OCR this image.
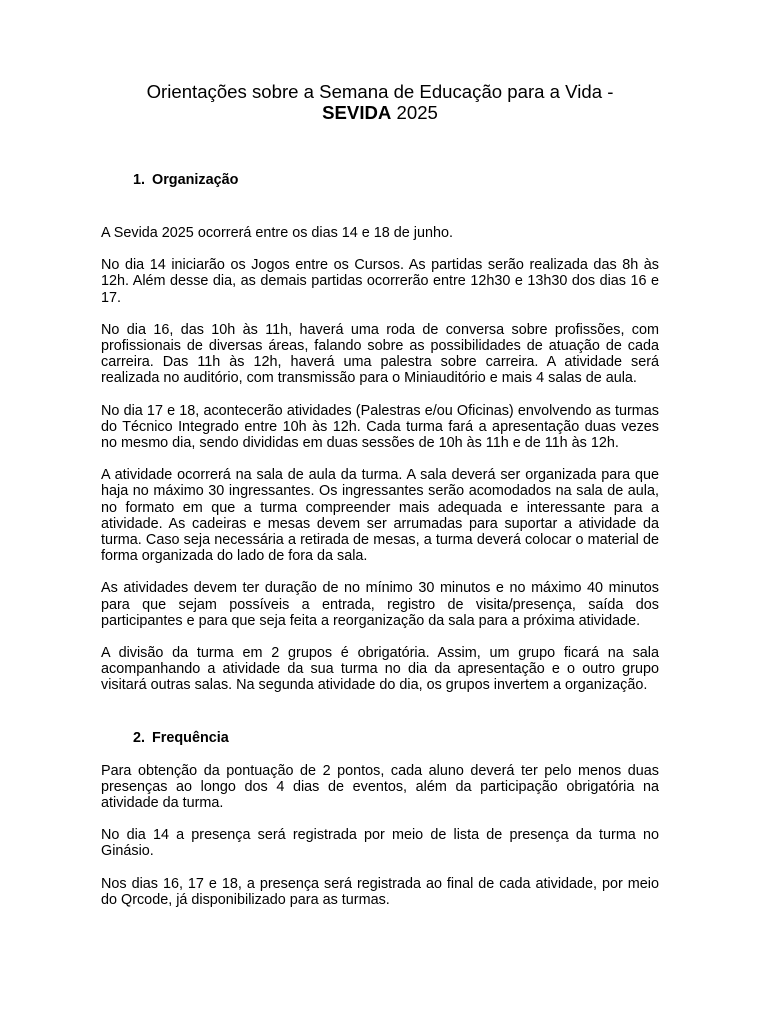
Orientações sobre a Semana de Educação para a Vida -
SEVIDA 2025
1. Organização

A Sevida 2025 ocorrerá entre os dias 14 e 18 de junho.

No dia 14 iniciarão os Jogos entre os Cursos. As partidas serão realizada das 8h às 12h. Além desse dia, as demais partidas ocorrerão entre 12h30 e 13h30 dos dias 16 e 17.

No dia 16, das 10h às 11h, haverá uma roda de conversa sobre profissões, com profissionais de diversas áreas, falando sobre as possibilidades de atuação de cada carreira. Das 11h às 12h, haverá uma palestra sobre carreira. A atividade será realizada no auditório, com transmissão para o Miniauditório e mais 4 salas de aula.

No dia 17 e 18, acontecerão atividades (Palestras e/ou Oficinas) envolvendo as turmas do Técnico Integrado entre 10h às 12h. Cada turma fará a apresentação duas vezes no mesmo dia, sendo divididas em duas sessões de 10h às 11h e de 11h às 12h.

A atividade ocorrerá na sala de aula da turma. A sala deverá ser organizada para que haja no máximo 30 ingressantes. Os ingressantes serão acomodados na sala de aula, no formato em que a turma compreender mais adequada e interessante para a atividade. As cadeiras e mesas devem ser arrumadas para suportar a atividade da turma. Caso seja necessária a retirada de mesas, a turma deverá colocar o material de forma organizada do lado de fora da sala.

As atividades devem ter duração de no mínimo 30 minutos e no máximo 40 minutos para que sejam possíveis a entrada, registro de visita/presença, saída dos participantes e para que seja feita a reorganização da sala para a próxima atividade.

A divisão da turma em 2 grupos é obrigatória. Assim, um grupo ficará na sala acompanhando a atividade da sua turma no dia da apresentação e o outro grupo visitará outras salas. Na segunda atividade do dia, os grupos invertem a organização.

2. Frequência

Para obtenção da pontuação de 2 pontos, cada aluno deverá ter pelo menos duas presenças ao longo dos 4 dias de eventos, além da participação obrigatória na atividade da turma.

No dia 14 a presença será registrada por meio de lista de presença da turma no Ginásio.

Nos dias 16, 17 e 18, a presença será registrada ao final de cada atividade, por meio do Qrcode, já disponibilizado para as turmas.
